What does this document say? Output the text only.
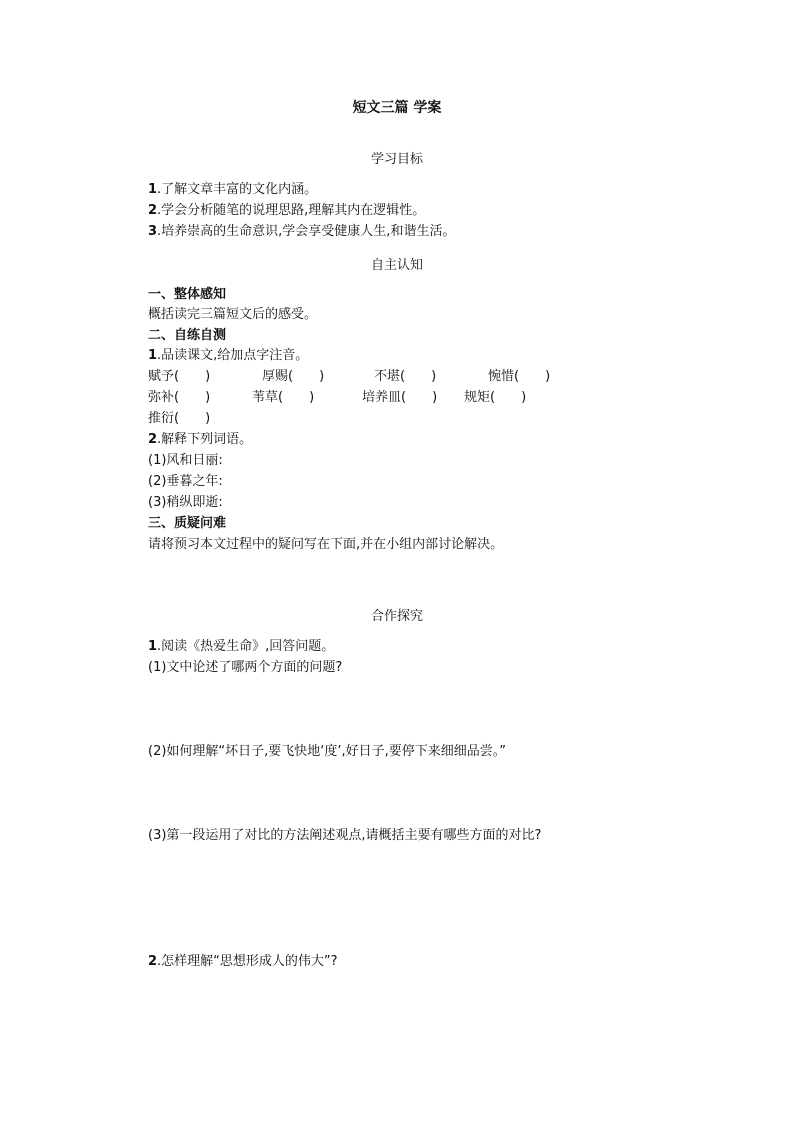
短文三篇 学案
学习目标
1.了解文章丰富的文化内涵。
2.学会分析随笔的说理思路,理解其内在逻辑性。
3.培养崇高的生命意识,学会享受健康人生,和谐生活。
自主认知
一、整体感知
概括读完三篇短文后的感受。
二、自练自测
1.品读课文,给加点字注音。
赋予(　　)	厚赐(　　)	不堪(　　)	惋惜(　　)
弥补(　　)	苇草(　　)	培养皿(　　) 规矩(　　)
推衍(　　)
2.解释下列词语。
(1)风和日丽:
(2)垂暮之年:
(3)稍纵即逝:
三、质疑问难
请将预习本文过程中的疑问写在下面,并在小组内部讨论解决。
合作探究
1.阅读《热爱生命》,回答问题。
(1)文中论述了哪两个方面的问题?
(2)如何理解“坏日子,要飞快地‘度’,好日子,要停下来细细品尝。”
(3)第一段运用了对比的方法阐述观点,请概括主要有哪些方面的对比?
2.怎样理解“思想形成人的伟大”?
